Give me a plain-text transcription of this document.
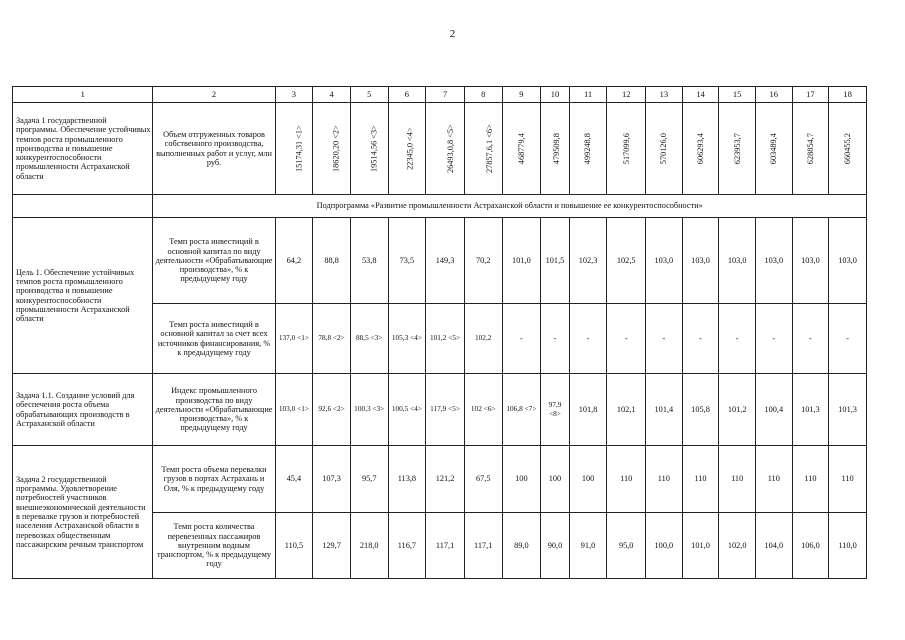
2
1	2	3	4	5	6	7	8	9	10	11	12	13	14	15	16	17	18
Задача 1 государственной программы. Обеспечение устойчивых темпов роста промышленного производства и повышение конкурентоспособности промышленности Астраханской области	Объем отгруженных товаров собственного производства, выполненных работ и услуг, млн руб.	15174,31 <1>	18620,20 <2>	19514,56 <3>	22345,0 <4>	26493,0,8 <5>	27857,6,1 <6>	468779,4	479509,8	499248,8	517099,6	570126,0	606293,4	623953,7	603489,4	628854,7	660455,2
	Подпрограмма «Развитие промышленности Астраханской области и повышение ее конкурентоспособности»																
Цель 1. Обеспечение устойчивых темпов роста промышленного производства и повышение конкурентоспособности промышленности Астраханской области	Темп роста инвестиций в основной капитал по виду деятельности «Обрабатывающие производства», % к предыдущему году	64,2	88,8	53,8	73,5	149,3	70,2	101,0	101,5	102,3	102,5	103,0	103,0	103,0	103,0	103,0	103,0
	Темп роста инвестиций в основной капитал за счет всех источников финансирования, % к предыдущему году	137,0 <1>	78,8 <2>	88,5 <3>	105,3 <4>	101,2 <5>	102,2	-	-	-	-	-	-	-	-	-	-
Задача 1.1. Создание условий для обеспечения роста объема обрабатывающих производств в Астраханской области	Индекс промышленного производства по виду деятельности «Обрабатывающие производства», % к предыдущему году	103,0 <1>	92,6 <2>	100,3 <3>	100,5 <4>	117,9 <5>	102 <6>	106,8 <7>	97,9 <8>	101,8	102,1	101,4	105,8	101,2	100,4	101,3	101,3
Задача 2 государственной программы. Удовлетворение потребностей участников внешнеэкономической деятельности в перевалке грузов и потребностей населения Астраханской области в перевозках общественным пассажирским речным транспортом	Темп роста объема перевалки грузов в портах Астрахань и Оля, % к предыдущему году	45,4	107,3	95,7	113,8	121,2	67,5	100	100	100	110	110	110	110	110	110	110
	Темп роста количества перевезенных пассажиров внутренним водным транспортом, % к предыдущему году	110,5	129,7	218,0	116,7	117,1	117,1	89,0	90,0	91,0	95,0	100,0	101,0	102,0	104,0	106,0	110,0
